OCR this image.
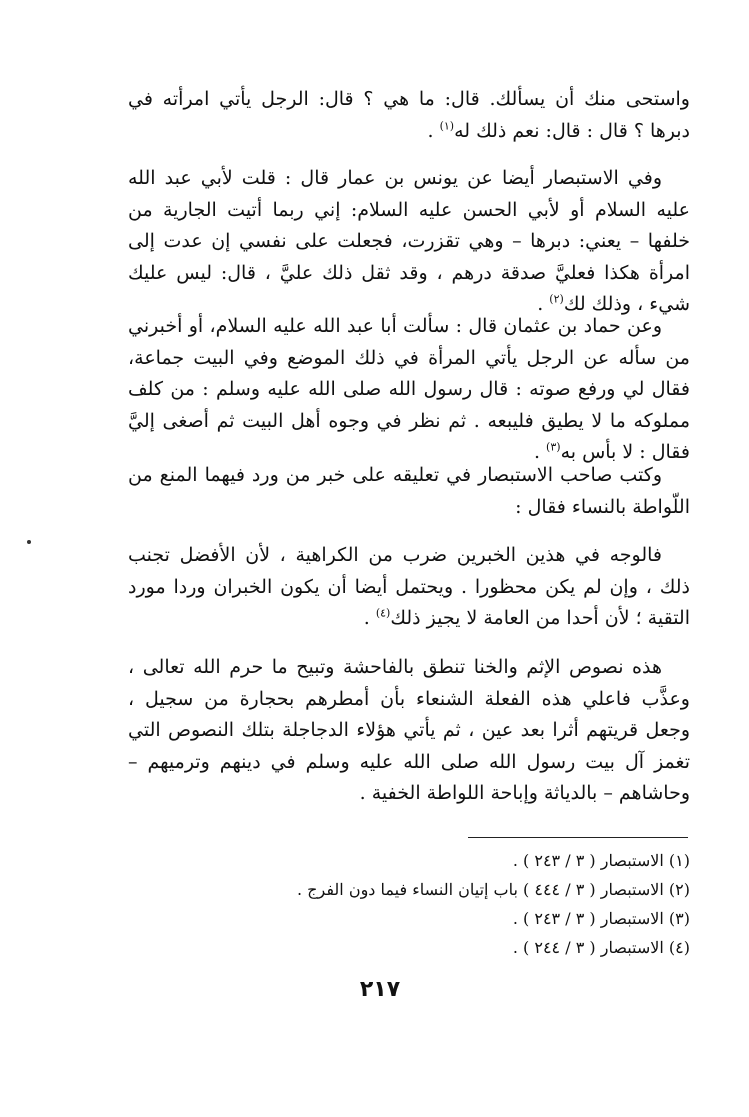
واستحى منك أن يسألك. قال: ما هي ؟ قال: الرجل يأتي امرأته في دبرها ؟ قال : قال: نعم ذلك له$^{(١)}$ .

وفي الاستبصار أيضا عن يونس بن عمار قال : قلت لأبي عبد الله عليه السلام أو لأبي الحسن عليه السلام: إني ربما أتيت الجارية من خلفها – يعني: دبرها – وهي تقزرت، فجعلت على نفسي إن عدت إلى امرأة هكذا فعليَّ صدقة درهم ، وقد ثقل ذلك عليَّ ، قال: ليس عليك شيء ، وذلك لك$^{(٢)}$ .

وعن حماد بن عثمان قال : سألت أبا عبد الله عليه السلام، أو أخبرني من سأله عن الرجل يأتي المرأة في ذلك الموضع وفي البيت جماعة، فقال لي ورفع صوته : قال رسول الله صلى الله عليه وسلم : من كلف مملوكه ما لا يطيق فليبعه . ثم نظر في وجوه أهل البيت ثم أصغى إليَّ فقال : لا بأس به$^{(٣)}$ .

وكتب صاحب الاستبصار في تعليقه على خبر من ورد فيهما المنع من اللّواطة بالنساء فقال :

فالوجه في هذين الخبرين ضرب من الكراهية ، لأن الأفضل تجنب ذلك ، وإن لم يكن محظورا . ويحتمل أيضا أن يكون الخبران وردا مورد التقية ؛ لأن أحدا من العامة لا يجيز ذلك$^{(٤)}$ .

هذه نصوص الإثم والخنا تنطق بالفاحشة وتبيح ما حرم الله تعالى ، وعذَّب فاعلي هذه الفعلة الشنعاء بأن أمطرهم بحجارة من سجيل ، وجعل قريتهم أثرا بعد عين ، ثم يأتي هؤلاء الدجاجلة بتلك النصوص التي تغمز آل بيت رسول الله صلى الله عليه وسلم في دينهم وترميهم – وحاشاهم – بالدياثة وإباحة اللواطة الخفية .

(١) الاستبصار ( ٣ / ٢٤٣ ) .
(٢) الاستبصار ( ٣ / ٤٤٤ ) باب إتيان النساء فيما دون الفرج .
(٣) الاستبصار ( ٣ / ٢٤٣ ) .
(٤) الاستبصار ( ٣ / ٢٤٤ ) .
٢١٧
